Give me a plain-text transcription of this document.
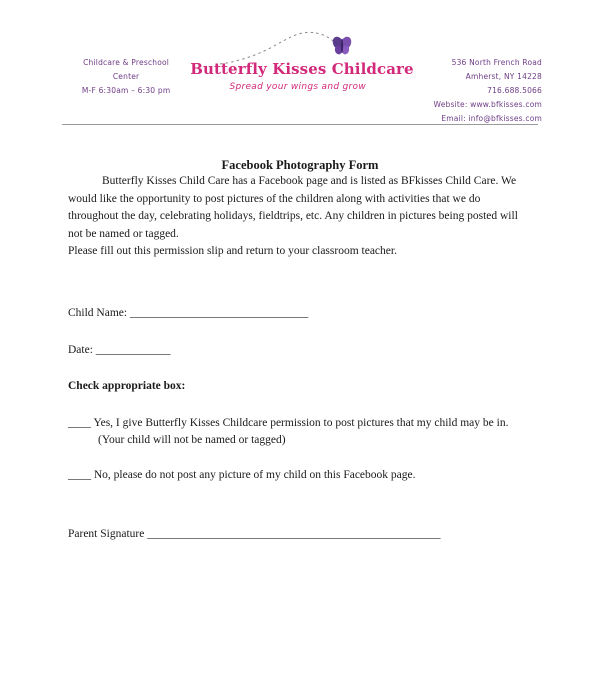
Childcare & Preschool
Center
M-F 6:30am – 6:30 pm
Butterfly Kisses Childcare
Spread your wings and grow
536 North French Road
Amherst, NY 14228
716.688.5066
Website: www.bfkisses.com
Email: info@bfkisses.com
Facebook Photography Form

Butterfly Kisses Child Care has a Facebook page and is listed as BFkisses Child Care. We would like the opportunity to post pictures of the children along with activities that we do throughout the day, celebrating holidays, fieldtrips, etc. Any children in pictures being posted will not be named or tagged.

Please fill out this permission slip and return to your classroom teacher.

Child Name: _______________________________
Date: _____________
Check appropriate box:
____ Yes, I give Butterfly Kisses Childcare permission to post pictures that my child may be in.
(Your child will not be named or tagged)
____ No, please do not post any picture of my child on this Facebook page.
Parent Signature ___________________________________________________
